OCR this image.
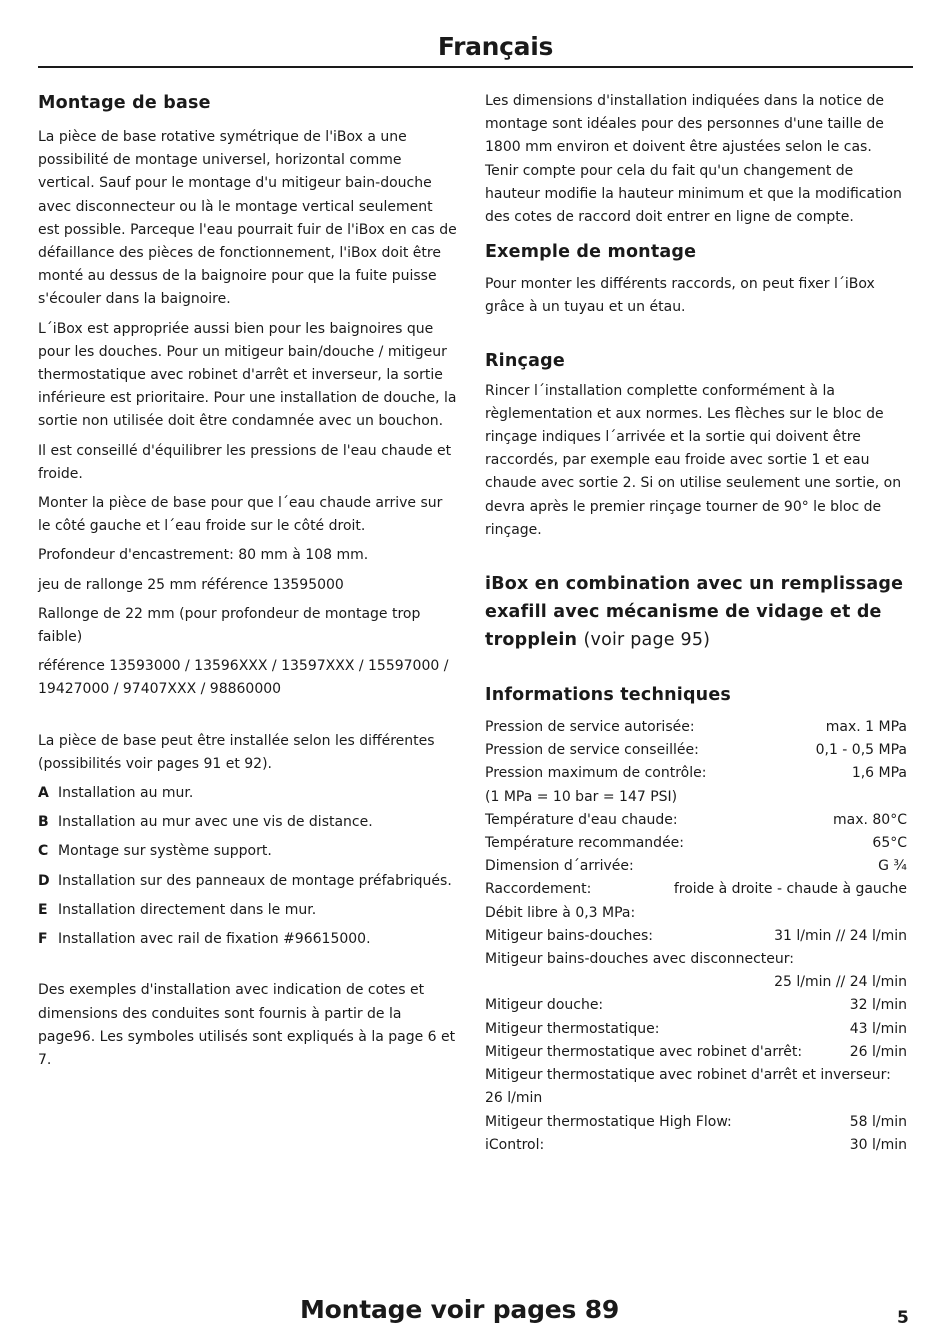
Français
Montage de base

La pièce de base rotative symétrique de l'iBox a une possibilité de montage universel, horizontal comme vertical. Sauf pour le montage d'u mitigeur bain-douche avec disconnecteur ou là le montage vertical seulement est possible. Parceque l'eau pourrait fuir de l'iBox en cas de défaillance des pièces de fonctionnement, l'iBox doit être monté au dessus de la baignoire pour que la fuite puisse s'écouler dans la baignoire.

L´iBox est appropriée aussi bien pour les baignoires que pour les douches. Pour un mitigeur bain/douche / mitigeur thermostatique avec robinet d'arrêt et inverseur, la sortie inférieure est prioritaire. Pour une installation de douche, la sortie non utilisée doit être condamnée avec un bouchon.

Il est conseillé d'équilibrer les pressions de l'eau chaude et froide.

Monter la pièce de base pour que l´eau chaude arrive sur le côté gauche et l´eau froide sur le côté droit.

Profondeur d'encastrement: 80 mm à 108 mm.

jeu de rallonge 25 mm référence 13595000

Rallonge de 22 mm (pour profondeur de montage trop faible)

référence 13593000 / 13596XXX / 13597XXX / 15597000 / 19427000 / 97407XXX / 98860000

La pièce de base peut être installée selon les différentes (possibilités voir pages 91 et 92).

A Installation au mur.
B Installation au mur avec une vis de distance.
C Montage sur système support.
D Installation sur des panneaux de montage préfabriqués.
E Installation directement dans le mur.
F Installation avec rail de fixation #96615000.

Des exemples d'installation avec indication de cotes et dimensions des conduites sont fournis à partir de la page96. Les symboles utilisés sont expliqués à la page 6 et 7.

Les dimensions d'installation indiquées dans la notice de montage sont idéales pour des personnes d'une taille de 1800 mm environ et doivent être ajustées selon le cas. Tenir compte pour cela du fait qu'un changement de hauteur modifie la hauteur minimum et que la modification des cotes de raccord doit entrer en ligne de compte.

Exemple de montage

Pour monter les différents raccords, on peut fixer l´iBox grâce à un tuyau et un étau.

Rinçage

Rincer l´installation complette conformément à la règlementation et aux normes. Les flèches sur le bloc de rinçage indiques l´arrivée et la sortie qui doivent être raccordés, par exemple eau froide avec sortie 1 et eau chaude avec sortie 2. Si on utilise seulement une sortie, on devra après le premier rinçage tourner de 90° le bloc de rinçage.

iBox en combination avec un remplissage exafill avec mécanisme de vidage et de tropplein (voir page 95)
Informations techniques
Pression de service autorisée:	max. 1 MPa
Pression de service conseillée:	0,1 - 0,5 MPa
Pression maximum de contrôle:	1,6 MPa
(1 MPa = 10 bar = 147 PSI)
Température d'eau chaude:	max. 80°C
Température recommandée:	65°C
Dimension d´arrivée:	G ¾
Raccordement:	froide à droite - chaude à gauche
Débit libre à 0,3 MPa:
Mitigeur bains-douches:	31 l/min // 24 l/min
Mitigeur bains-douches avec disconnecteur:
25 l/min // 24 l/min
Mitigeur douche:	32 l/min
Mitigeur thermostatique:	43 l/min
Mitigeur thermostatique avec robinet d'arrêt:	26 l/min
Mitigeur thermostatique avec robinet d'arrêt et inverseur:
26 l/min
Mitigeur thermostatique High Flow:	58 l/min
iControl:	30 l/min
Montage voir pages 89	5
